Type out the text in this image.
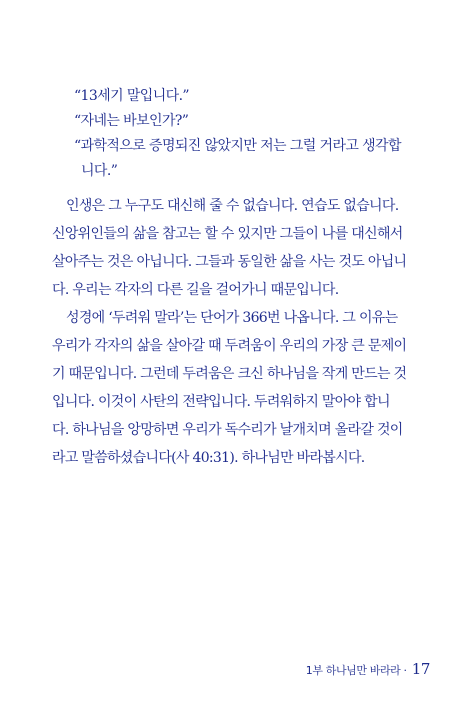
“13세기 말입니다.”
“자네는 바보인가?”
“과학적으로 증명되진 않았지만 저는 그럴 거라고 생각합
니다.”
인생은 그 누구도 대신해 줄 수 없습니다. 연습도 없습니다.
신앙위인들의 삶을 참고는 할 수 있지만 그들이 나를 대신해서
살아주는 것은 아닙니다. 그들과 동일한 삶을 사는 것도 아닙니
다. 우리는 각자의 다른 길을 걸어가니 때문입니다.
성경에 ‘두려워 말라’는 단어가 366번 나옵니다. 그 이유는
우리가 각자의 삶을 살아갈 때 두려움이 우리의 가장 큰 문제이
기 때문입니다. 그런데 두려움은 크신 하나님을 작게 만드는 것
입니다. 이것이 사탄의 전략입니다. 두려워하지 말아야 합니
다. 하나님을 앙망하면 우리가 독수리가 날개치며 올라갈 것이
라고 말씀하셨습니다(사 40:31). 하나님만 바라봅시다.
1부 하나님만 바라라 · 17
